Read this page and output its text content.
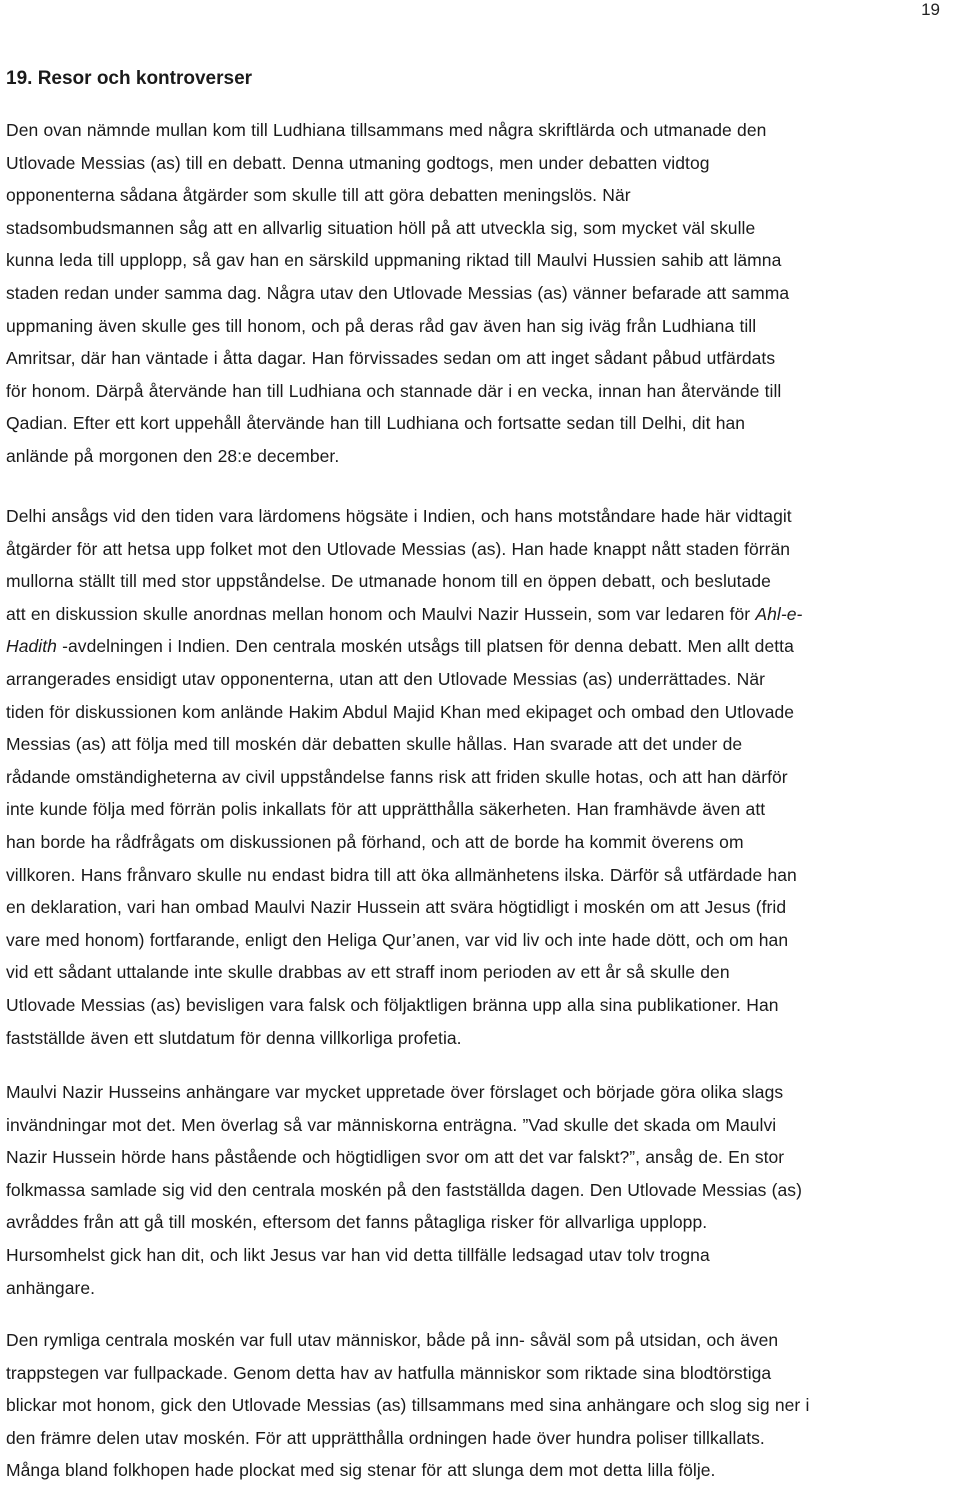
19
19. Resor och kontroverser
Den ovan nämnde mullan kom till Ludhiana tillsammans med några skriftlärda och utmanade den
Utlovade Messias (as) till en debatt. Denna utmaning godtogs, men under debatten vidtog
opponenterna sådana åtgärder som skulle till att göra debatten meningslös. När
stadsombudsmannen såg att en allvarlig situation höll på att utveckla sig, som mycket väl skulle
kunna leda till upplopp, så gav han en särskild uppmaning riktad till Maulvi Hussien sahib att lämna
staden redan under samma dag. Några utav den Utlovade Messias (as) vänner befarade att samma
uppmaning även skulle ges till honom, och på deras råd gav även han sig iväg från Ludhiana till
Amritsar, där han väntade i åtta dagar. Han förvissades sedan om att inget sådant påbud utfärdats
för honom. Därpå återvände han till Ludhiana och stannade där i en vecka, innan han återvände till
Qadian. Efter ett kort uppehåll återvände han till Ludhiana och fortsatte sedan till Delhi, dit han
anlände på morgonen den 28:e december.
Delhi ansågs vid den tiden vara lärdomens högsäte i Indien, och hans motståndare hade här vidtagit
åtgärder för att hetsa upp folket mot den Utlovade Messias (as). Han hade knappt nått staden förrän
mullorna ställt till med stor uppståndelse. De utmanade honom till en öppen debatt, och beslutade
att en diskussion skulle anordnas mellan honom och Maulvi Nazir Hussein, som var ledaren för Ahl-e-
Hadith -avdelningen i Indien. Den centrala moskén utsågs till platsen för denna debatt. Men allt detta
arrangerades ensidigt utav opponenterna, utan att den Utlovade Messias (as) underrättades. När
tiden för diskussionen kom anlände Hakim Abdul Majid Khan med ekipaget och ombad den Utlovade
Messias (as) att följa med till moskén där debatten skulle hållas. Han svarade att det under de
rådande omständigheterna av civil uppståndelse fanns risk att friden skulle hotas, och att han därför
inte kunde följa med förrän polis inkallats för att upprätthålla säkerheten. Han framhävde även att
han borde ha rådfrågats om diskussionen på förhand, och att de borde ha kommit överens om
villkoren. Hans frånvaro skulle nu endast bidra till att öka allmänhetens ilska. Därför så utfärdade han
en deklaration, vari han ombad Maulvi Nazir Hussein att svära högtidligt i moskén om att Jesus (frid
vare med honom) fortfarande, enligt den Heliga Qur’anen, var vid liv och inte hade dött, och om han
vid ett sådant uttalande inte skulle drabbas av ett straff inom perioden av ett år så skulle den
Utlovade Messias (as) bevisligen vara falsk och följaktligen bränna upp alla sina publikationer. Han
fastställde även ett slutdatum för denna villkorliga profetia.
Maulvi Nazir Husseins anhängare var mycket uppretade över förslaget och började göra olika slags
invändningar mot det. Men överlag så var människorna enträgna. ”Vad skulle det skada om Maulvi
Nazir Hussein hörde hans påstående och högtidligen svor om att det var falskt?”, ansåg de. En stor
folkmassa samlade sig vid den centrala moskén på den fastställda dagen. Den Utlovade Messias (as)
avråddes från att gå till moskén, eftersom det fanns påtagliga risker för allvarliga upplopp.
Hursomhelst gick han dit, och likt Jesus var han vid detta tillfälle ledsagad utav tolv trogna
anhängare.
Den rymliga centrala moskén var full utav människor, både på inn- såväl som på utsidan, och även
trappstegen var fullpackade. Genom detta hav av hatfulla människor som riktade sina blodtörstiga
blickar mot honom, gick den Utlovade Messias (as) tillsammans med sina anhängare och slog sig ner i
den främre delen utav moskén. För att upprätthålla ordningen hade över hundra poliser tillkallats.
Många bland folkhopen hade plockat med sig stenar för att slunga dem mot detta lilla följe.
